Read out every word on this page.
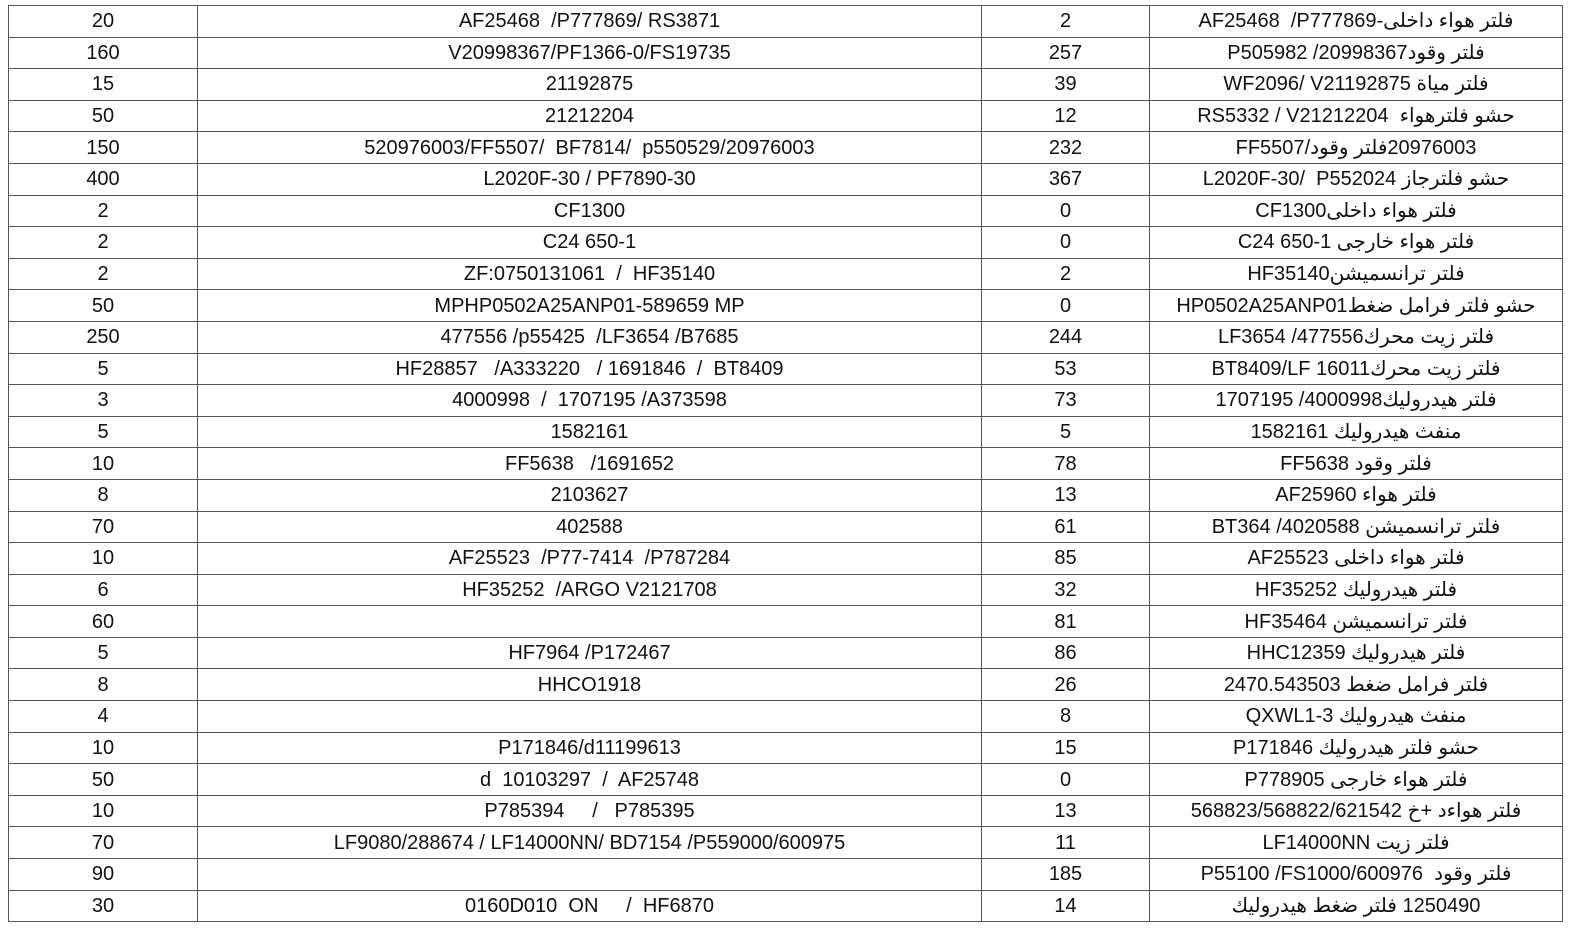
20	AF25468  /P777869/ RS3871	2	فلتر هواء داخلى-AF25468  /P777869
160	V20998367/PF1366-0/FS19735	257	فلتر وقود20998367/ P505982
15	21192875	39	فلتر مياة WF2096/ V21192875
50	21212204	12	حشو فلترهواء  RS5332 / V21212204
150	520976003/FF5507/  BF7814/  p550529/20976003	232	20976003فلتر وقود/FF5507
400	L2020F-30 / PF7890-30	367	حشو فلترجاز L2020F-30/  P552024
2	CF1300	0	فلتر هواء داخلىCF1300
2	C24 650-1	0	فلتر هواء خارجى C24 650-1
2	ZF:0750131061  /  HF35140	2	فلتر ترانسميشنHF35140
50	MPHP0502A25ANP01-589659 MP	0	حشو فلتر فرامل ضغطHP0502A25ANP01
250	477556 /p55425  /LF3654 /B7685	244	فلتر زيت محرك477556/ LF3654
5	HF28857   /A333220   / 1691846  /  BT8409	53	فلتر زيت محركBT8409/LF 16011
3	4000998  /  1707195 /A373598	73	فلتر هيدروليك4000998/ 1707195
5	1582161	5	منفث هيدروليك 1582161
10	FF5638   /1691652	78	فلتر وقود FF5638
8	2103627	13	فلتر هواء AF25960
70	402588	61	فلتر ترانسميشن 4020588/ BT364
10	AF25523  /P77-7414  /P787284	85	فلتر هواء داخلى AF25523
6	HF35252  /ARGO V2121708	32	فلتر هيدروليك HF35252
60		81	فلتر ترانسميشن HF35464
5	HF7964 /P172467	86	فلتر هيدروليك HHC12359
8	HHCO1918	26	فلتر فرامل ضغط 2470.543503
4		8	منفث هيدروليك QXWL1-3
10	P171846/d11199613	15	حشو فلتر هيدروليك P171846
50	d  10103297  /  AF25748	0	فلتر هواء خارجى P778905
10	P785394     /   P785395	13	فلتر هواءد +خ 568823/568822/621542
70	LF9080/288674 / LF14000NN/ BD7154 /P559000/600975	11	فلتر زيت LF14000NN
90		185	فلتر وقود  P55100 /FS1000/600976
30	0160D010  ON     /  HF6870	14	1250490 فلتر ضغط هيدروليك
